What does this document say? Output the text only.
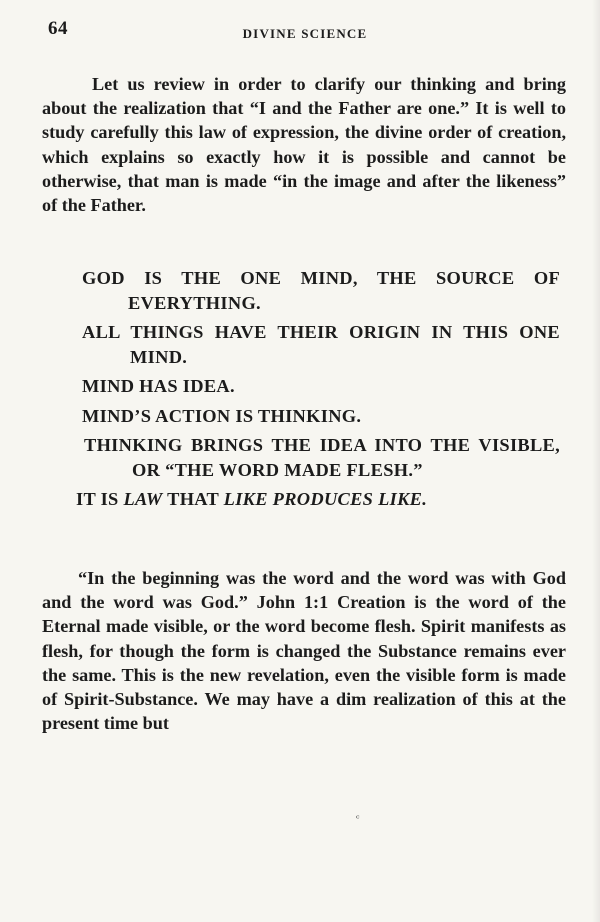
64	DIVINE SCIENCE
Let us review in order to clarify our thinking and bring about the realization that “I and the Father are one.” It is well to study carefully this law of expression, the divine order of creation, which explains so exactly how it is possible and cannot be otherwise, that man is made “in the image and after the likeness” of the Father.
GOD IS THE ONE MIND, THE SOURCE OF EVERYTHING.
ALL THINGS HAVE THEIR ORIGIN IN THIS ONE MIND.
MIND HAS IDEA.
MIND’S ACTION IS THINKING.
THINKING BRINGS THE IDEA INTO THE VISIBLE, OR “THE WORD MADE FLESH.”
IT IS LAW THAT LIKE PRODUCES LIKE.
“In the beginning was the word and the word was with God and the word was God.” John 1:1 Creation is the word of the Eternal made visible, or the word become flesh. Spirit manifests as flesh, for though the form is changed the Substance remains ever the same. This is the new revelation, even the visible form is made of Spirit-Substance. We may have a dim realization of this at the present time but
ᶜ
